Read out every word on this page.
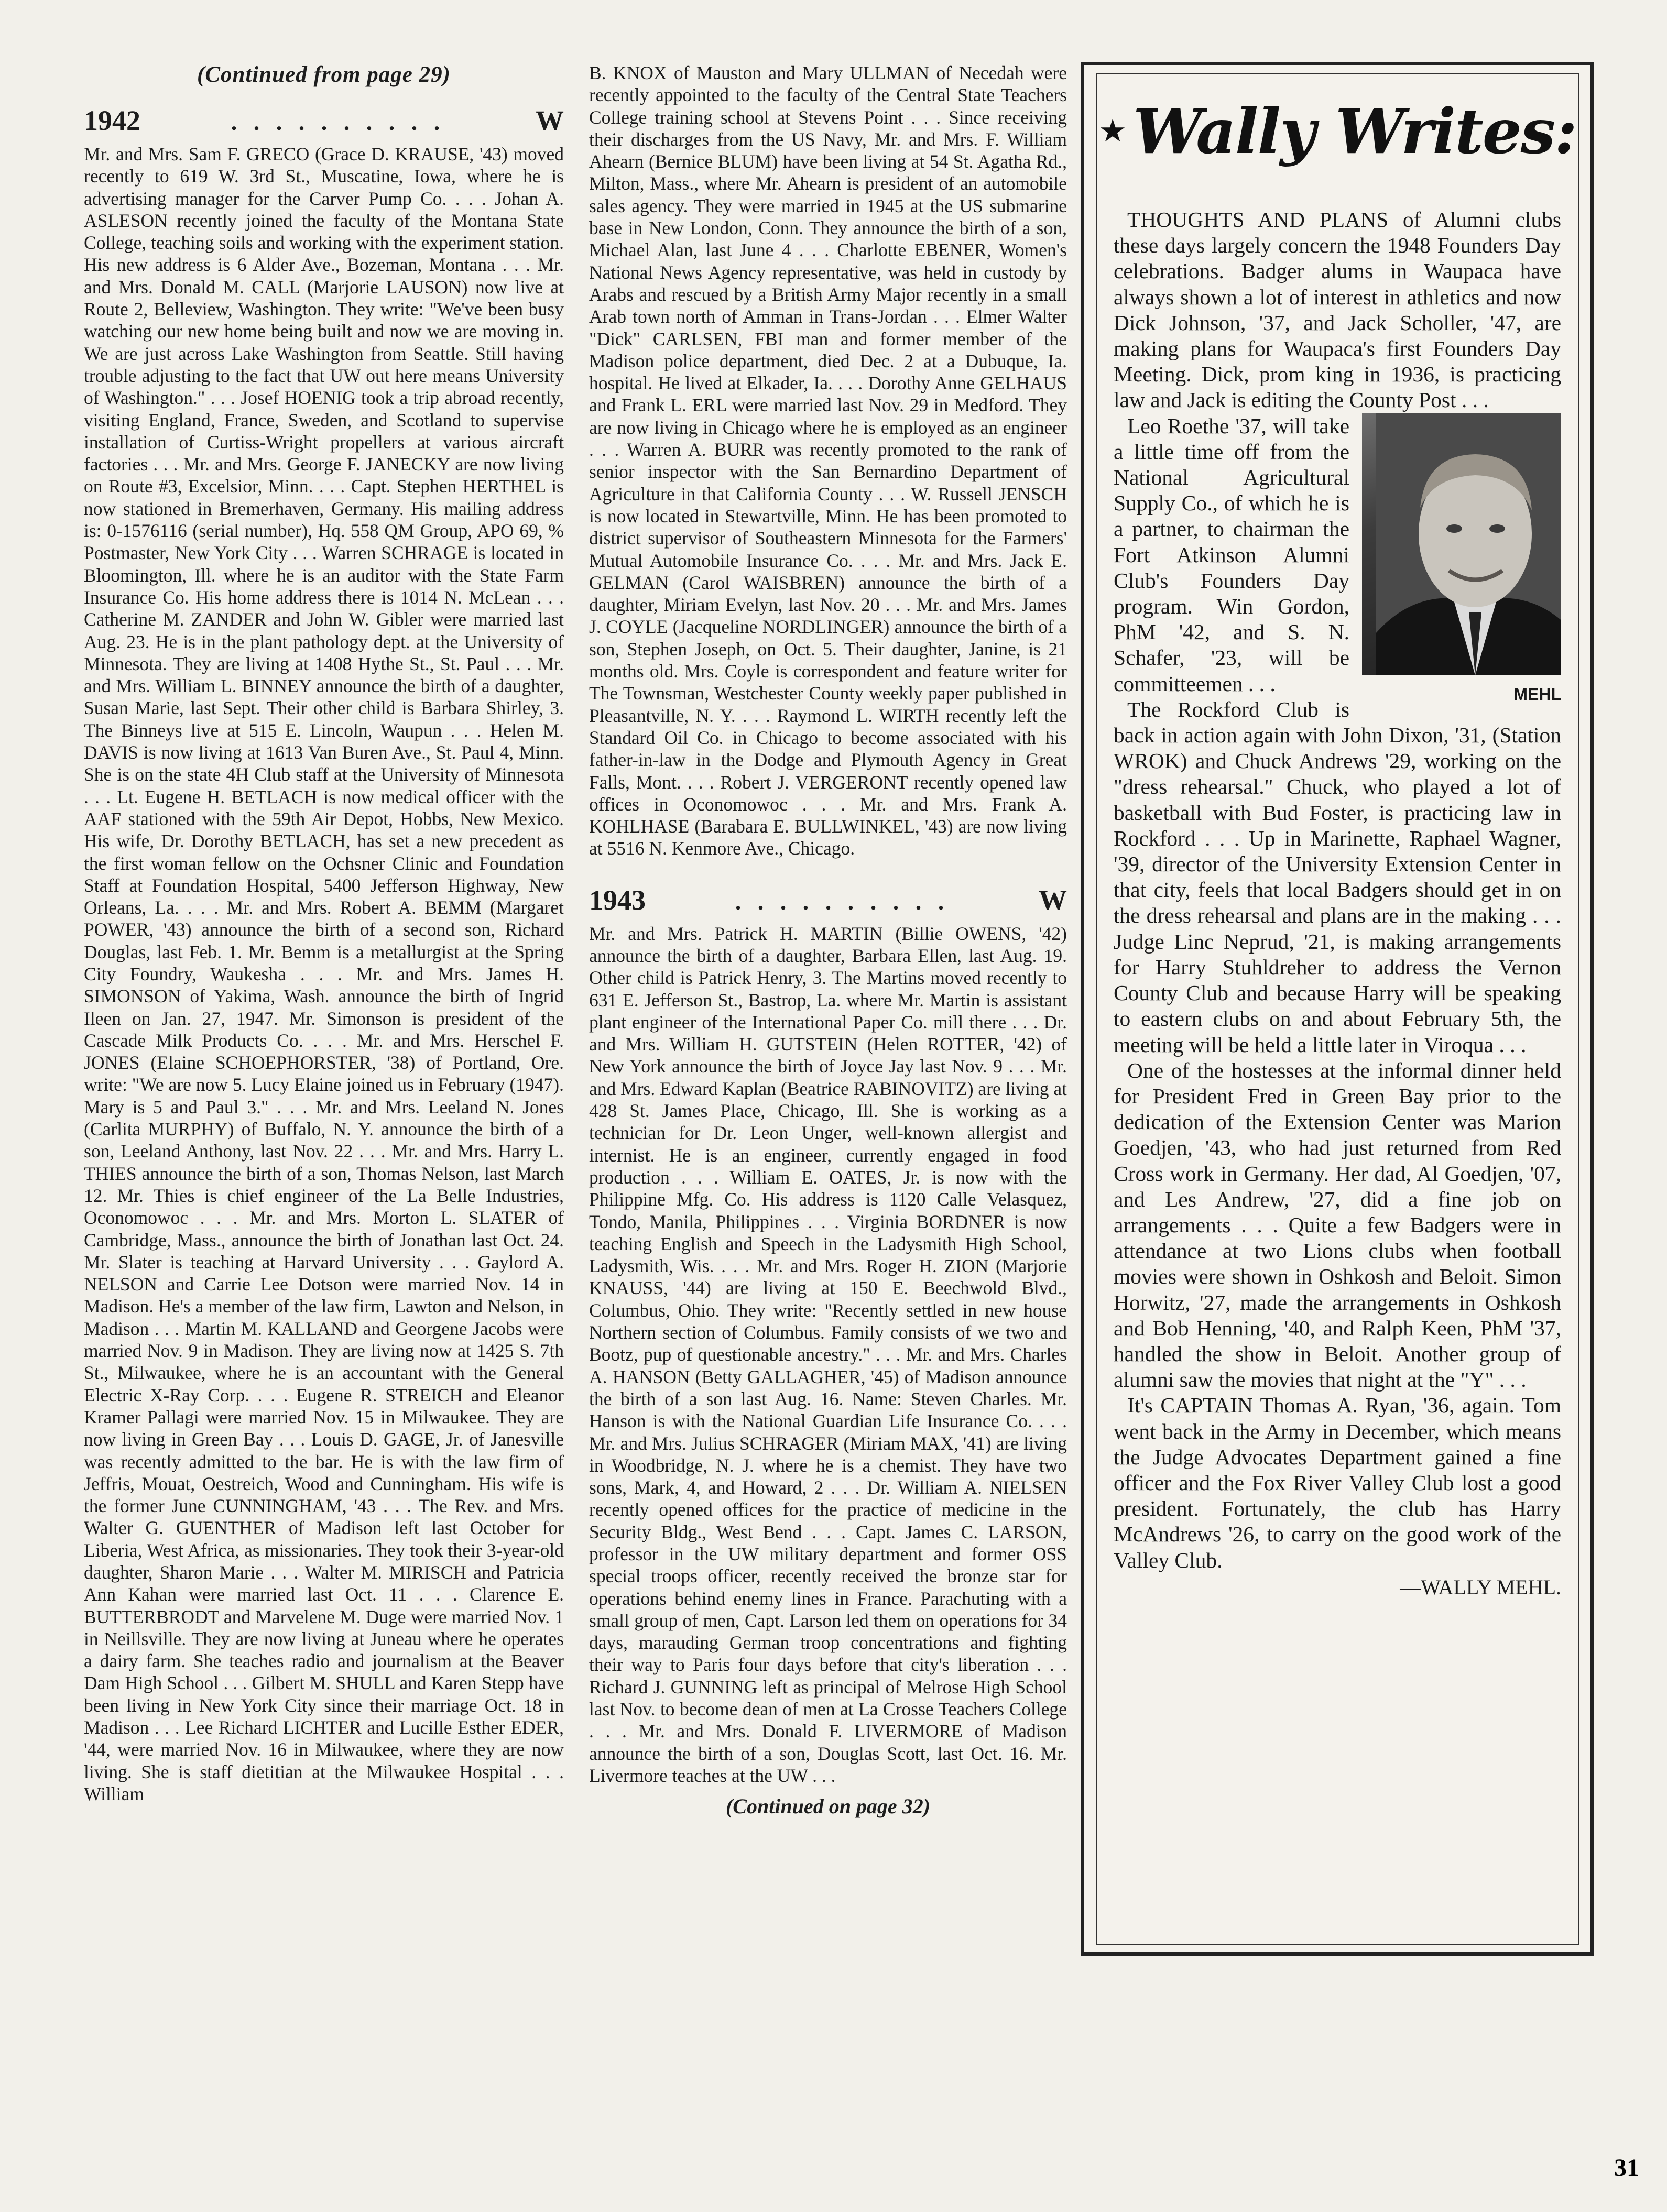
(Continued from page 29)
1942	. . . . . . . . . .	W

Mr. and Mrs. Sam F. GRECO (Grace D. KRAUSE, '43) moved recently to 619 W. 3rd St., Muscatine, Iowa, where he is advertising manager for the Carver Pump Co. . . . Johan A. ASLESON recently joined the faculty of the Montana State College, teaching soils and working with the experiment station. His new address is 6 Alder Ave., Bozeman, Montana . . . Mr. and Mrs. Donald M. CALL (Marjorie LAUSON) now live at Route 2, Belleview, Washington. They write: "We've been busy watching our new home being built and now we are moving in. We are just across Lake Washington from Seattle. Still having trouble adjusting to the fact that UW out here means University of Washington." . . . Josef HOENIG took a trip abroad recently, visiting England, France, Sweden, and Scotland to supervise installation of Curtiss-Wright propellers at various aircraft factories . . . Mr. and Mrs. George F. JANECKY are now living on Route #3, Excelsior, Minn. . . . Capt. Stephen HERTHEL is now stationed in Bremerhaven, Germany. His mailing address is: 0-1576116 (serial number), Hq. 558 QM Group, APO 69, % Postmaster, New York City . . . Warren SCHRAGE is located in Bloomington, Ill. where he is an auditor with the State Farm Insurance Co. His home address there is 1014 N. McLean . . . Catherine M. ZANDER and John W. Gibler were married last Aug. 23. He is in the plant pathology dept. at the University of Minnesota. They are living at 1408 Hythe St., St. Paul . . . Mr. and Mrs. William L. BINNEY announce the birth of a daughter, Susan Marie, last Sept. Their other child is Barbara Shirley, 3. The Binneys live at 515 E. Lincoln, Waupun . . . Helen M. DAVIS is now living at 1613 Van Buren Ave., St. Paul 4, Minn. She is on the state 4H Club staff at the University of Minnesota . . . Lt. Eugene H. BETLACH is now medical officer with the AAF stationed with the 59th Air Depot, Hobbs, New Mexico. His wife, Dr. Dorothy BETLACH, has set a new precedent as the first woman fellow on the Ochsner Clinic and Foundation Staff at Foundation Hospital, 5400 Jefferson Highway, New Orleans, La. . . . Mr. and Mrs. Robert A. BEMM (Margaret POWER, '43) announce the birth of a second son, Richard Douglas, last Feb. 1. Mr. Bemm is a metallurgist at the Spring City Foundry, Waukesha . . . Mr. and Mrs. James H. SIMONSON of Yakima, Wash. announce the birth of Ingrid Ileen on Jan. 27, 1947. Mr. Simonson is president of the Cascade Milk Products Co. . . . Mr. and Mrs. Herschel F. JONES (Elaine SCHOEPHORSTER, '38) of Portland, Ore. write: "We are now 5. Lucy Elaine joined us in February (1947). Mary is 5 and Paul 3." . . . Mr. and Mrs. Leeland N. Jones (Carlita MURPHY) of Buffalo, N. Y. announce the birth of a son, Leeland Anthony, last Nov. 22 . . . Mr. and Mrs. Harry L. THIES announce the birth of a son, Thomas Nelson, last March 12. Mr. Thies is chief engineer of the La Belle Industries, Oconomowoc . . . Mr. and Mrs. Morton L. SLATER of Cambridge, Mass., announce the birth of Jonathan last Oct. 24. Mr. Slater is teaching at Harvard University . . . Gaylord A. NELSON and Carrie Lee Dotson were married Nov. 14 in Madison. He's a member of the law firm, Lawton and Nelson, in Madison . . . Martin M. KALLAND and Georgene Jacobs were married Nov. 9 in Madison. They are living now at 1425 S. 7th St., Milwaukee, where he is an accountant with the General Electric X-Ray Corp. . . . Eugene R. STREICH and Eleanor Kramer Pallagi were married Nov. 15 in Milwaukee. They are now living in Green Bay . . . Louis D. GAGE, Jr. of Janesville was recently admitted to the bar. He is with the law firm of Jeffris, Mouat, Oestreich, Wood and Cunningham. His wife is the former June CUNNINGHAM, '43 . . . The Rev. and Mrs. Walter G. GUENTHER of Madison left last October for Liberia, West Africa, as missionaries. They took their 3-year-old daughter, Sharon Marie . . . Walter M. MIRISCH and Patricia Ann Kahan were married last Oct. 11 . . . Clarence E. BUTTERBRODT and Marvelene M. Duge were married Nov. 1 in Neillsville. They are now living at Juneau where he operates a dairy farm. She teaches radio and journalism at the Beaver Dam High School . . . Gilbert M. SHULL and Karen Stepp have been living in New York City since their marriage Oct. 18 in Madison . . . Lee Richard LICHTER and Lucille Esther EDER, '44, were married Nov. 16 in Milwaukee, where they are now living. She is staff dietitian at the Milwaukee Hospital . . . William

B. KNOX of Mauston and Mary ULLMAN of Necedah were recently appointed to the faculty of the Central State Teachers College training school at Stevens Point . . . Since receiving their discharges from the US Navy, Mr. and Mrs. F. William Ahearn (Bernice BLUM) have been living at 54 St. Agatha Rd., Milton, Mass., where Mr. Ahearn is president of an automobile sales agency. They were married in 1945 at the US submarine base in New London, Conn. They announce the birth of a son, Michael Alan, last June 4 . . . Charlotte EBENER, Women's National News Agency representative, was held in custody by Arabs and rescued by a British Army Major recently in a small Arab town north of Amman in Trans-Jordan . . . Elmer Walter "Dick" CARLSEN, FBI man and former member of the Madison police department, died Dec. 2 at a Dubuque, Ia. hospital. He lived at Elkader, Ia. . . . Dorothy Anne GELHAUS and Frank L. ERL were married last Nov. 29 in Medford. They are now living in Chicago where he is employed as an engineer . . . Warren A. BURR was recently promoted to the rank of senior inspector with the San Bernardino Department of Agriculture in that California County . . . W. Russell JENSCH is now located in Stewartville, Minn. He has been promoted to district supervisor of Southeastern Minnesota for the Farmers' Mutual Automobile Insurance Co. . . . Mr. and Mrs. Jack E. GELMAN (Carol WAISBREN) announce the birth of a daughter, Miriam Evelyn, last Nov. 20 . . . Mr. and Mrs. James J. COYLE (Jacqueline NORDLINGER) announce the birth of a son, Stephen Joseph, on Oct. 5. Their daughter, Janine, is 21 months old. Mrs. Coyle is correspondent and feature writer for The Townsman, Westchester County weekly paper published in Pleasantville, N. Y. . . . Raymond L. WIRTH recently left the Standard Oil Co. in Chicago to become associated with his father-in-law in the Dodge and Plymouth Agency in Great Falls, Mont. . . . Robert J. VERGERONT recently opened law offices in Oconomowoc . . . Mr. and Mrs. Frank A. KOHLHASE (Barabara E. BULLWINKEL, '43) are now living at 5516 N. Kenmore Ave., Chicago.

1943	. . . . . . . . . .	W

Mr. and Mrs. Patrick H. MARTIN (Billie OWENS, '42) announce the birth of a daughter, Barbara Ellen, last Aug. 19. Other child is Patrick Henry, 3. The Martins moved recently to 631 E. Jefferson St., Bastrop, La. where Mr. Martin is assistant plant engineer of the International Paper Co. mill there . . . Dr. and Mrs. William H. GUTSTEIN (Helen ROTTER, '42) of New York announce the birth of Joyce Jay last Nov. 9 . . . Mr. and Mrs. Edward Kaplan (Beatrice RABINOVITZ) are living at 428 St. James Place, Chicago, Ill. She is working as a technician for Dr. Leon Unger, well-known allergist and internist. He is an engineer, currently engaged in food production . . . William E. OATES, Jr. is now with the Philippine Mfg. Co. His address is 1120 Calle Velasquez, Tondo, Manila, Philippines . . . Virginia BORDNER is now teaching English and Speech in the Ladysmith High School, Ladysmith, Wis. . . . Mr. and Mrs. Roger H. ZION (Marjorie KNAUSS, '44) are living at 150 E. Beechwold Blvd., Columbus, Ohio. They write: "Recently settled in new house Northern section of Columbus. Family consists of we two and Bootz, pup of questionable ancestry." . . . Mr. and Mrs. Charles A. HANSON (Betty GALLAGHER, '45) of Madison announce the birth of a son last Aug. 16. Name: Steven Charles. Mr. Hanson is with the National Guardian Life Insurance Co. . . . Mr. and Mrs. Julius SCHRAGER (Miriam MAX, '41) are living in Woodbridge, N. J. where he is a chemist. They have two sons, Mark, 4, and Howard, 2 . . . Dr. William A. NIELSEN recently opened offices for the practice of medicine in the Security Bldg., West Bend . . . Capt. James C. LARSON, professor in the UW military department and former OSS special troops officer, recently received the bronze star for operations behind enemy lines in France. Parachuting with a small group of men, Capt. Larson led them on operations for 34 days, marauding German troop concentrations and fighting their way to Paris four days before that city's liberation . . . Richard J. GUNNING left as principal of Melrose High School last Nov. to become dean of men at La Crosse Teachers College . . . Mr. and Mrs. Donald F. LIVERMORE of Madison announce the birth of a son, Douglas Scott, last Oct. 16. Mr. Livermore teaches at the UW . . .

(Continued on page 32)
★ Wally Writes:

THOUGHTS AND PLANS of Alumni clubs these days largely concern the 1948 Founders Day celebrations. Badger alums in Waupaca have always shown a lot of interest in athletics and now Dick Johnson, '37, and Jack Scholler, '47, are making plans for Waupaca's first Founders Day Meeting. Dick, prom king in 1936, is practicing law and Jack is editing the County Post . . .

MEHL
Leo Roethe '37, will take a little time off from the National Agricultural Supply Co., of which he is a partner, to chairman the Fort Atkinson Alumni Club's Founders Day program. Win Gordon, PhM '42, and S. N. Schafer, '23, will be committeemen . . .

The Rockford Club is back in action again with John Dixon, '31, (Station WROK) and Chuck Andrews '29, working on the "dress rehearsal." Chuck, who played a lot of basketball with Bud Foster, is practicing law in Rockford . . . Up in Marinette, Raphael Wagner, '39, director of the University Extension Center in that city, feels that local Badgers should get in on the dress rehearsal and plans are in the making . . . Judge Linc Neprud, '21, is making arrangements for Harry Stuhldreher to address the Vernon County Club and because Harry will be speaking to eastern clubs on and about February 5th, the meeting will be held a little later in Viroqua . . .

One of the hostesses at the informal dinner held for President Fred in Green Bay prior to the dedication of the Extension Center was Marion Goedjen, '43, who had just returned from Red Cross work in Germany. Her dad, Al Goedjen, '07, and Les Andrew, '27, did a fine job on arrangements . . . Quite a few Badgers were in attendance at two Lions clubs when football movies were shown in Oshkosh and Beloit. Simon Horwitz, '27, made the arrangements in Oshkosh and Bob Henning, '40, and Ralph Keen, PhM '37, handled the show in Beloit. Another group of alumni saw the movies that night at the "Y" . . .

It's CAPTAIN Thomas A. Ryan, '36, again. Tom went back in the Army in December, which means the Judge Advocates Department gained a fine officer and the Fox River Valley Club lost a good president. Fortunately, the club has Harry McAndrews '26, to carry on the good work of the Valley Club.

—WALLY MEHL.
31
